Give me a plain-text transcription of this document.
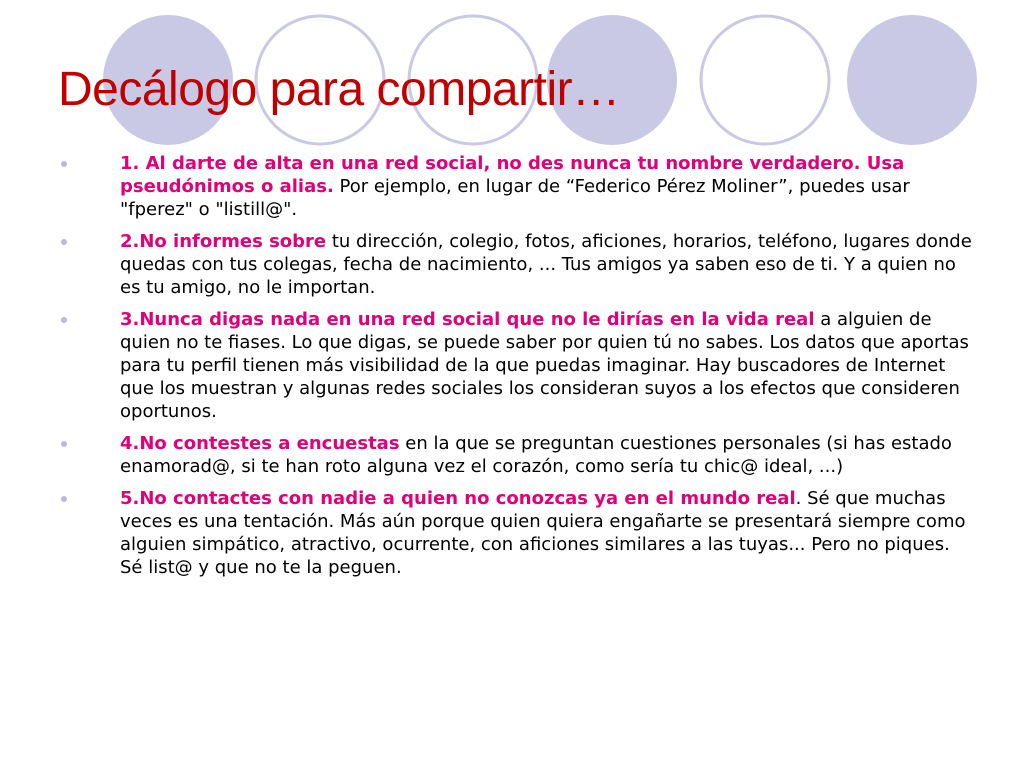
Decálogo para compartir…
1. Al darte de alta en una red social, no des nunca tu nombre verdadero. Usa pseudónimos o alias. Por ejemplo, en lugar de “Federico Pérez Moliner”, puedes usar "fperez" o "listill@".
2.No informes sobre tu dirección, colegio, fotos, aficiones, horarios, teléfono, lugares donde quedas con tus colegas, fecha de nacimiento, ... Tus amigos ya saben eso de ti. Y a quien no es tu amigo, no le importan.
3.Nunca digas nada en una red social que no le dirías en la vida real a alguien de quien no te fiases. Lo que digas, se puede saber por quien tú no sabes. Los datos que aportas para tu perfil tienen más visibilidad de la que puedas imaginar. Hay buscadores de Internet que los muestran y algunas redes sociales los consideran suyos a los efectos que consideren oportunos.
4.No contestes a encuestas en la que se preguntan cuestiones personales (si has estado enamorad@, si te han roto alguna vez el corazón, como sería tu chic@ ideal, ...)
5.No contactes con nadie a quien no conozcas ya en el mundo real. Sé que muchas veces es una tentación. Más aún porque quien quiera engañarte se presentará siempre como alguien simpático, atractivo, ocurrente, con aficiones similares a las tuyas... Pero no piques. Sé list@ y que no te la peguen.
